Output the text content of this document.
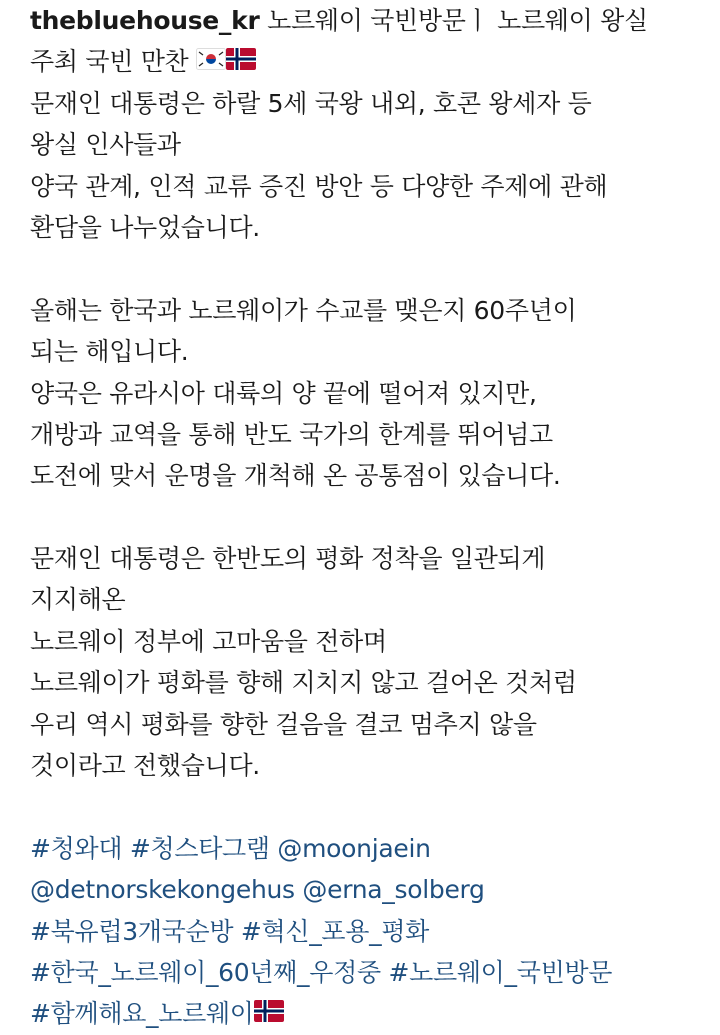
thebluehouse_kr 노르웨이 국빈방문ㅣ 노르웨이 왕실
주최 국빈 만찬
문재인 대통령은 하랄 5세 국왕 내외, 호콘 왕세자 등
왕실 인사들과
양국 관계, 인적 교류 증진 방안 등 다양한 주제에 관해
환담을 나누었습니다.
올해는 한국과 노르웨이가 수교를 맺은지 60주년이
되는 해입니다.
양국은 유라시아 대륙의 양 끝에 떨어져 있지만,
개방과 교역을 통해 반도 국가의 한계를 뛰어넘고
도전에 맞서 운명을 개척해 온 공통점이 있습니다.
문재인 대통령은 한반도의 평화 정착을 일관되게
지지해온
노르웨이 정부에 고마움을 전하며
노르웨이가 평화를 향해 지치지 않고 걸어온 것처럼
우리 역시 평화를 향한 걸음을 결코 멈추지 않을
것이라고 전했습니다.
#청와대 #청스타그램 @moonjaein
@detnorskekongehus @erna_solberg
#북유럽3개국순방 #혁신_포용_평화
#한국_노르웨이_60년째_우정중 #노르웨이_국빈방문
#함께해요_노르웨이
